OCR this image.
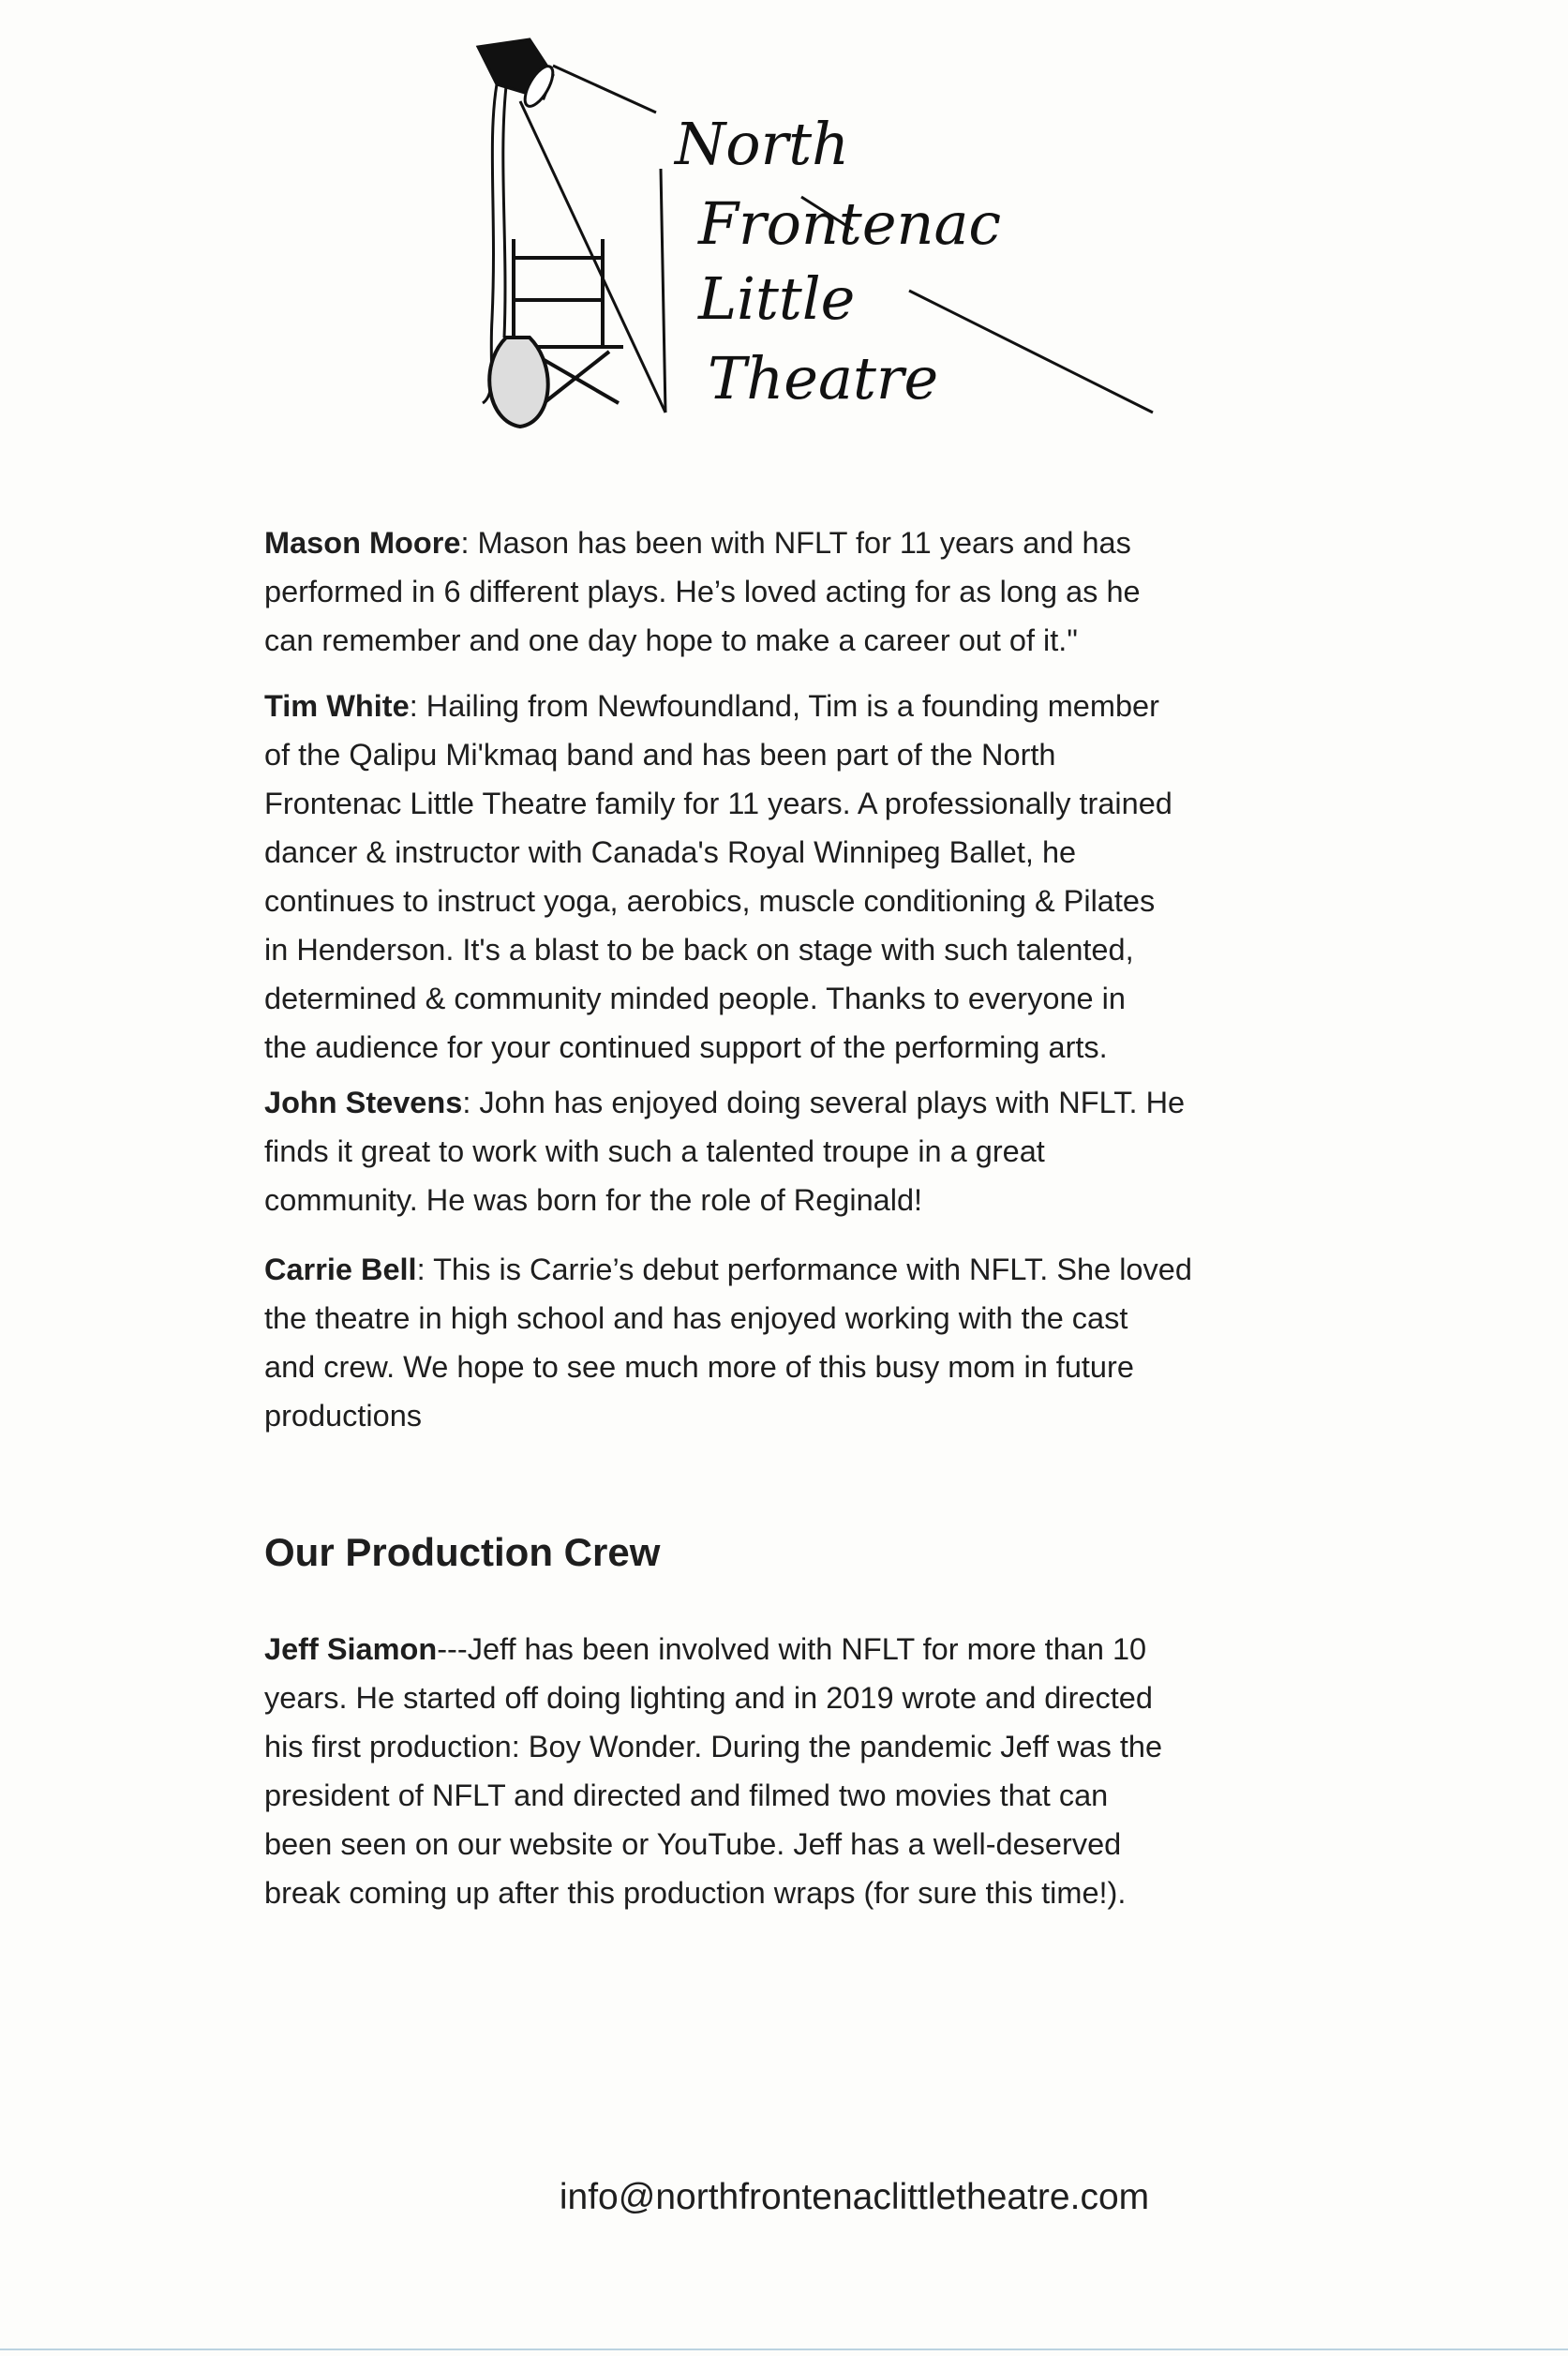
North
Frontenac
Little
Theatre
Mason Moore: Mason has been with NFLT for 11 years and has
performed in 6 different plays. He’s loved acting for as long as he
can remember and one day hope to make a career out of it."
Tim White: Hailing from Newfoundland, Tim is a founding member
of the Qalipu Mi'kmaq band and has been part of the North
Frontenac Little Theatre family for 11 years. A professionally trained
dancer & instructor with Canada's Royal Winnipeg Ballet, he
continues to instruct yoga, aerobics, muscle conditioning & Pilates
in Henderson. It's a blast to be back on stage with such talented,
determined & community minded people. Thanks to everyone in
the audience for your continued support of the performing arts.
John Stevens: John has enjoyed doing several plays with NFLT. He
finds it great to work with such a talented troupe in a great
community. He was born for the role of Reginald!
Carrie Bell: This is Carrie’s debut performance with NFLT. She loved
the theatre in high school and has enjoyed working with the cast
and crew. We hope to see much more of this busy mom in future
productions
Our Production Crew
Jeff Siamon---Jeff has been involved with NFLT for more than 10
years. He started off doing lighting and in 2019 wrote and directed
his first production: Boy Wonder. During the pandemic Jeff was the
president of NFLT and directed and filmed two movies that can
been seen on our website or YouTube. Jeff has a well-deserved
break coming up after this production wraps (for sure this time!).
info@northfrontenaclittletheatre.com
